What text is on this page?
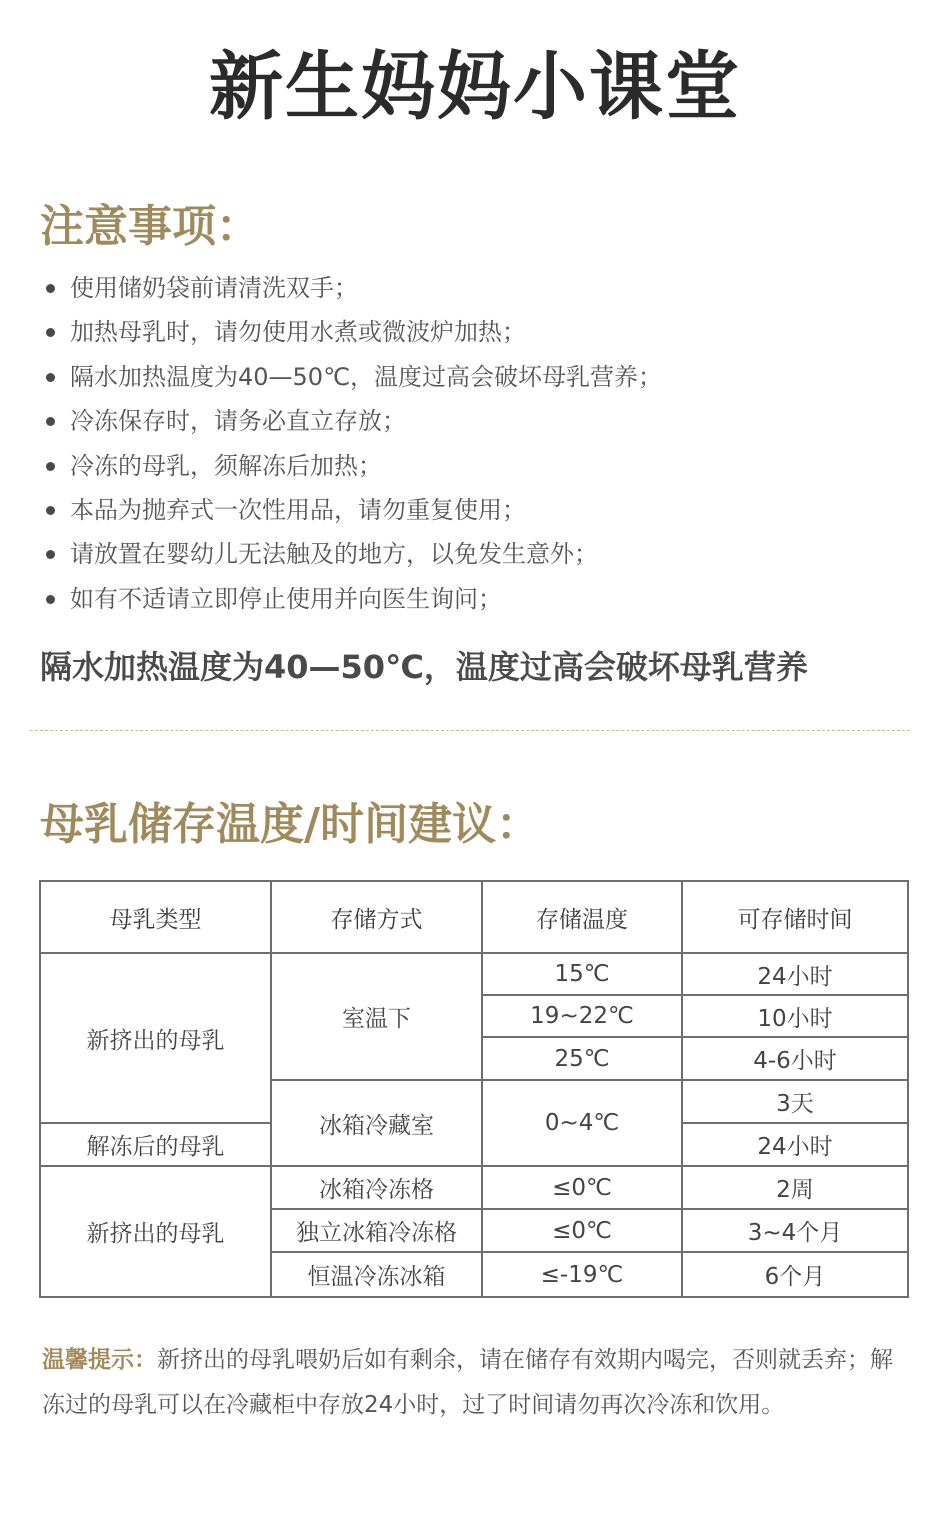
新生妈妈小课堂
注意事项：
使用储奶袋前请清洗双手；
加热母乳时，请勿使用水煮或微波炉加热；
隔水加热温度为40—50℃，温度过高会破坏母乳营养；
冷冻保存时，请务必直立存放；
冷冻的母乳，须解冻后加热；
本品为抛弃式一次性用品，请勿重复使用；
请放置在婴幼儿无法触及的地方，以免发生意外；
如有不适请立即停止使用并向医生询问；
隔水加热温度为40—50℃，温度过高会破坏母乳营养
母乳储存温度/时间建议：
母乳类型	存储方式	存储温度	可存储时间
新挤出的母乳	室温下	15℃	24小时
		19~22℃	10小时
		25℃	4-6小时
	冰箱冷藏室	0~4℃	3天
解冻后的母乳			24小时
新挤出的母乳	冰箱冷冻格	≤0℃	2周
	独立冰箱冷冻格	≤0℃	3~4个月
	恒温冷冻冰箱	≤-19℃	6个月
温馨提示：新挤出的母乳喂奶后如有剩余，请在储存有效期内喝完，否则就丢弃；解冻过的母乳可以在冷藏柜中存放24小时，过了时间请勿再次冷冻和饮用。
